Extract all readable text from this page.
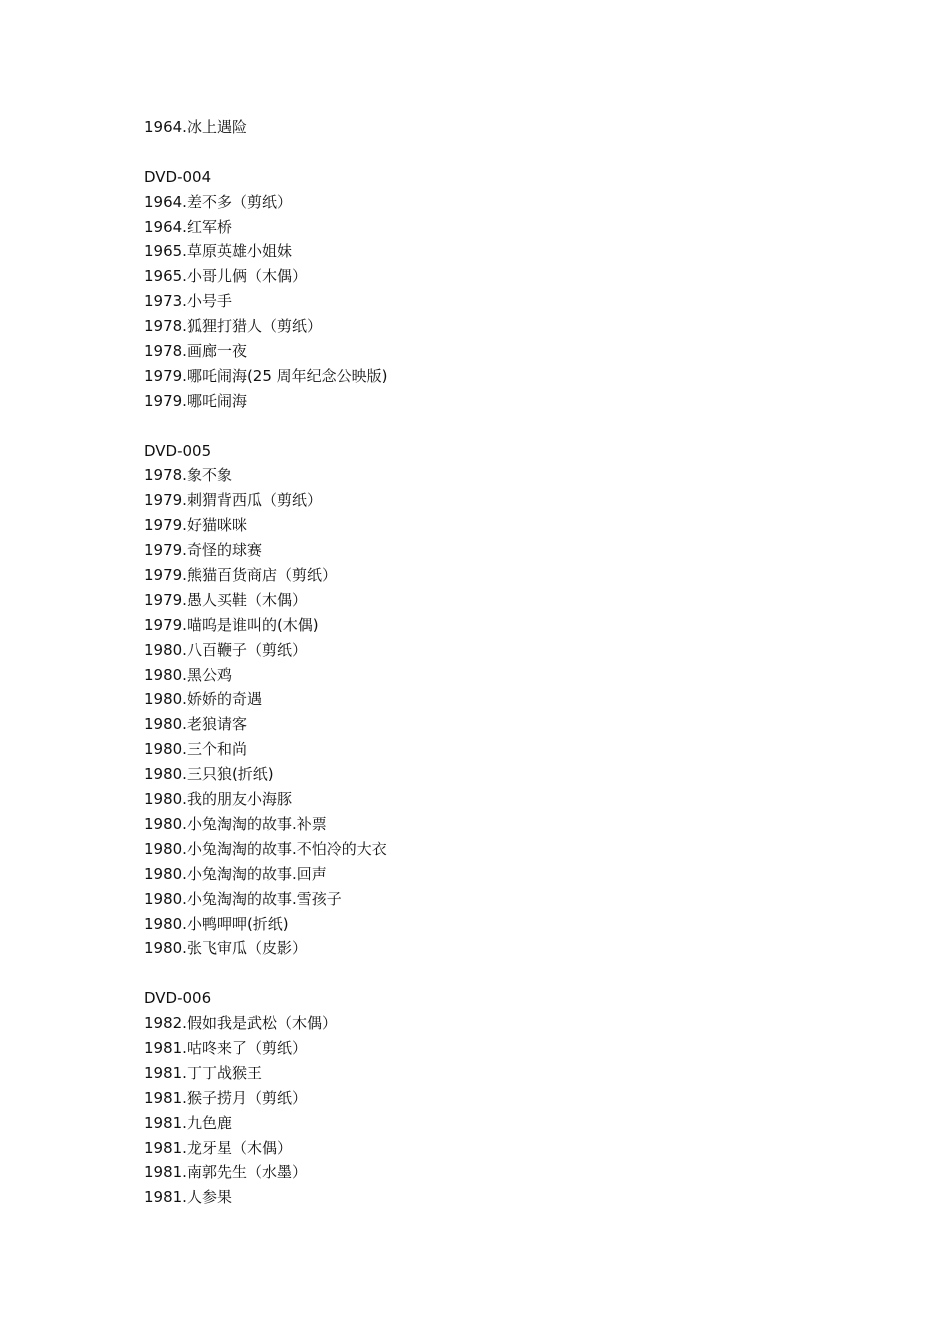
1964.冰上遇险
DVD-004
1964.差不多（剪纸）
1964.红军桥
1965.草原英雄小姐妹
1965.小哥儿俩（木偶）
1973.小号手
1978.狐狸打猎人（剪纸）
1978.画廊一夜
1979.哪吒闹海(25 周年纪念公映版)
1979.哪吒闹海
DVD-005
1978.象不象
1979.刺猬背西瓜（剪纸）
1979.好猫咪咪
1979.奇怪的球赛
1979.熊猫百货商店（剪纸）
1979.愚人买鞋（木偶）
1979.喵呜是谁叫的(木偶)
1980.八百鞭子（剪纸）
1980.黑公鸡
1980.娇娇的奇遇
1980.老狼请客
1980.三个和尚
1980.三只狼(折纸)
1980.我的朋友小海豚
1980.小兔淘淘的故事.补票
1980.小兔淘淘的故事.不怕冷的大衣
1980.小兔淘淘的故事.回声
1980.小兔淘淘的故事.雪孩子
1980.小鸭呷呷(折纸)
1980.张飞审瓜（皮影）
DVD-006
1982.假如我是武松（木偶）
1981.咕咚来了（剪纸）
1981.丁丁战猴王
1981.猴子捞月（剪纸）
1981.九色鹿
1981.龙牙星（木偶）
1981.南郭先生（水墨）
1981.人参果
